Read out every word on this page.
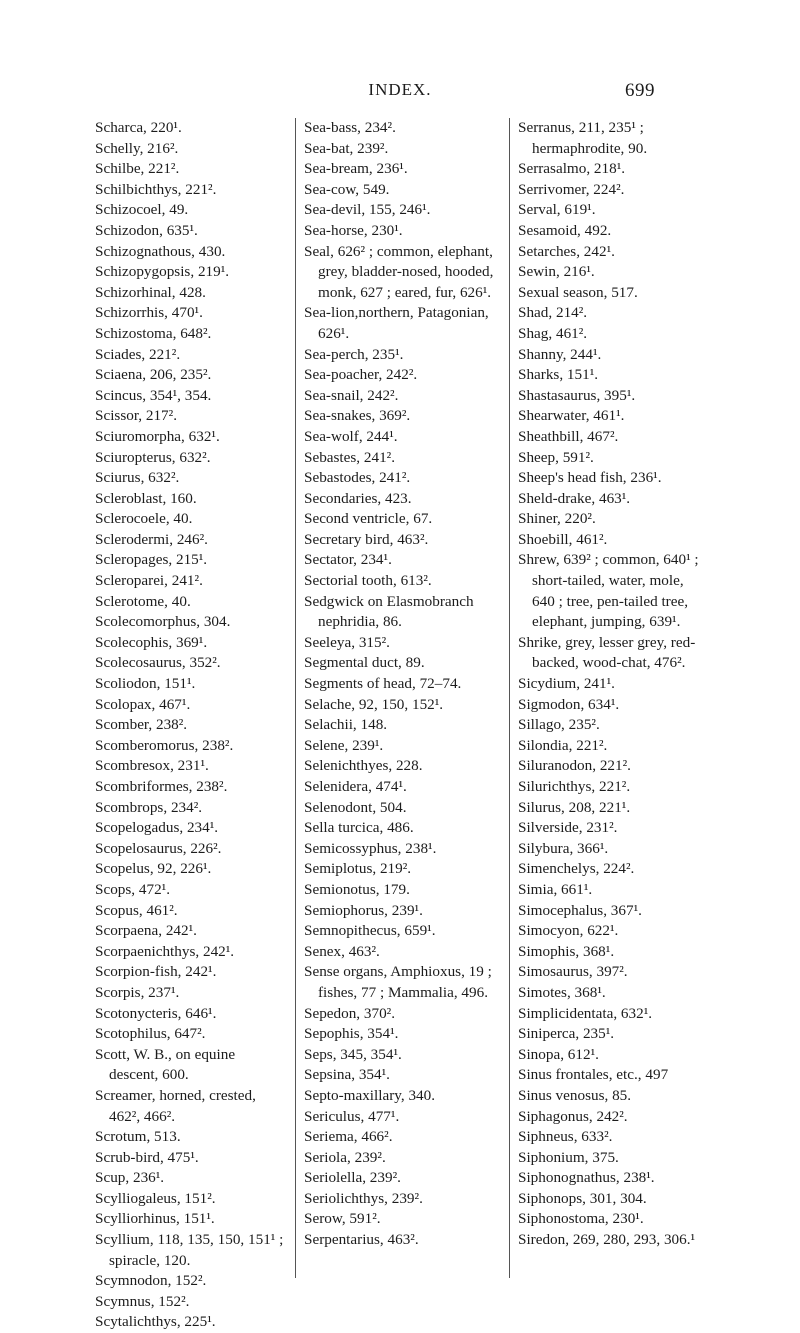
INDEX.	699
Scharca, 220¹.
Schelly, 216².
Schilbe, 221².
Schilbichthys, 221².
Schizocoel, 49.
Schizodon, 635¹.
Schizognathous, 430.
Schizopygopsis, 219¹.
Schizorhinal, 428.
Schizorrhis, 470¹.
Schizostoma, 648².
Sciades, 221².
Sciaena, 206, 235².
Scincus, 354¹, 354.
Scissor, 217².
Sciuromorpha, 632¹.
Sciuropterus, 632².
Sciurus, 632².
Scleroblast, 160.
Sclerocoele, 40.
Sclerodermi, 246².
Scleropages, 215¹.
Scleroparei, 241².
Sclerotome, 40.
Scolecomorphus, 304.
Scolecophis, 369¹.
Scolecosaurus, 352².
Scoliodon, 151¹.
Scolopax, 467¹.
Scomber, 238².
Scomberomorus, 238².
Scombresox, 231¹.
Scombriformes, 238².
Scombrops, 234².
Scopelogadus, 234¹.
Scopelosaurus, 226².
Scopelus, 92, 226¹.
Scops, 472¹.
Scopus, 461².
Scorpaena, 242¹.
Scorpaenichthys, 242¹.
Scorpion-fish, 242¹.
Scorpis, 237¹.
Scotonycteris, 646¹.
Scotophilus, 647².
Scott, W. B., on equine descent, 600.
Screamer, horned, crested, 462², 466².
Scrotum, 513.
Scrub-bird, 475¹.
Scup, 236¹.
Scylliogaleus, 151².
Scylliorhinus, 151¹.
Scyllium, 118, 135, 150, 151¹ ; spiracle, 120.
Scymnodon, 152².
Scymnus, 152².
Scytalichthys, 225¹.
Sea-bass, 234².
Sea-bat, 239².
Sea-bream, 236¹.
Sea-cow, 549.
Sea-devil, 155, 246¹.
Sea-horse, 230¹.
Seal, 626² ; common, elephant, grey, bladder-nosed, hooded, monk, 627 ; eared, fur, 626¹.
Sea-lion,northern, Patagonian, 626¹.
Sea-perch, 235¹.
Sea-poacher, 242².
Sea-snail, 242².
Sea-snakes, 369².
Sea-wolf, 244¹.
Sebastes, 241².
Sebastodes, 241².
Secondaries, 423.
Second ventricle, 67.
Secretary bird, 463².
Sectator, 234¹.
Sectorial tooth, 613².
Sedgwick on Elasmobranch nephridia, 86.
Seeleya, 315².
Segmental duct, 89.
Segments of head, 72–74.
Selache, 92, 150, 152¹.
Selachii, 148.
Selene, 239¹.
Selenichthyes, 228.
Selenidera, 474¹.
Selenodont, 504.
Sella turcica, 486.
Semicossyphus, 238¹.
Semiplotus, 219².
Semionotus, 179.
Semiophorus, 239¹.
Semnopithecus, 659¹.
Senex, 463².
Sense organs, Amphioxus, 19 ; fishes, 77 ; Mammalia, 496.
Sepedon, 370².
Sepophis, 354¹.
Seps, 345, 354¹.
Sepsina, 354¹.
Septo-maxillary, 340.
Sericulus, 477¹.
Seriema, 466².
Seriola, 239².
Seriolella, 239².
Seriolichthys, 239².
Serow, 591².
Serpentarius, 463².
Serranus, 211, 235¹ ; hermaphrodite, 90.
Serrasalmo, 218¹.
Serrivomer, 224².
Serval, 619¹.
Sesamoid, 492.
Setarches, 242¹.
Sewin, 216¹.
Sexual season, 517.
Shad, 214².
Shag, 461².
Shanny, 244¹.
Sharks, 151¹.
Shastasaurus, 395¹.
Shearwater, 461¹.
Sheathbill, 467².
Sheep, 591².
Sheep's head fish, 236¹.
Sheld-drake, 463¹.
Shiner, 220².
Shoebill, 461².
Shrew, 639² ; common, 640¹ ; short-tailed, water, mole, 640 ; tree, pen-tailed tree, elephant, jumping, 639¹.
Shrike, grey, lesser grey, red-backed, wood-chat, 476².
Sicydium, 241¹.
Sigmodon, 634¹.
Sillago, 235².
Silondia, 221².
Siluranodon, 221².
Silurichthys, 221².
Silurus, 208, 221¹.
Silverside, 231².
Silybura, 366¹.
Simenchelys, 224².
Simia, 661¹.
Simocephalus, 367¹.
Simocyon, 622¹.
Simophis, 368¹.
Simosaurus, 397².
Simotes, 368¹.
Simplicidentata, 632¹.
Siniperca, 235¹.
Sinopa, 612¹.
Sinus frontales, etc., 497
Sinus venosus, 85.
Siphagonus, 242².
Siphneus, 633².
Siphonium, 375.
Siphonognathus, 238¹.
Siphonops, 301, 304.
Siphonostoma, 230¹.
Siredon, 269, 280, 293, 306.¹
